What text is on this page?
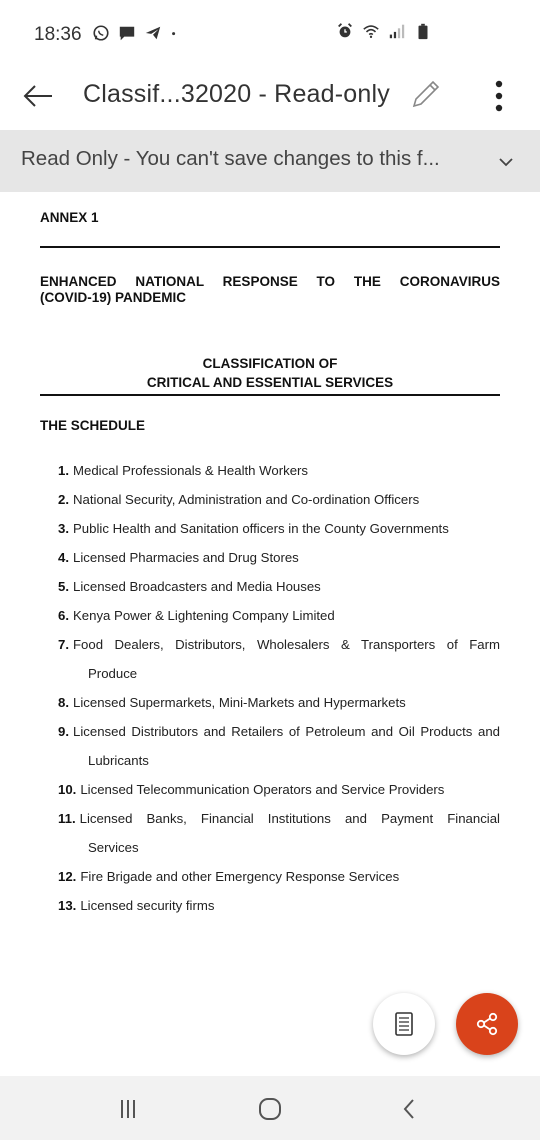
18:36
Classif...32020 - Read-only
Read Only - You can't save changes to this f...
ANNEX 1
ENHANCED NATIONAL RESPONSE TO THE CORONAVIRUS
(COVID-19) PANDEMIC
CLASSIFICATION OF
CRITICAL AND ESSENTIAL SERVICES
THE SCHEDULE
1. Medical Professionals & Health Workers
2. National Security, Administration and Co-ordination Officers
3. Public Health and Sanitation officers in the County Governments
4. Licensed Pharmacies and Drug Stores
5. Licensed Broadcasters and Media Houses
6. Kenya Power & Lightening Company Limited
7. Food Dealers, Distributors, Wholesalers & Transporters of Farm
Produce
8. Licensed Supermarkets, Mini-Markets and Hypermarkets
9. Licensed Distributors and Retailers of Petroleum and Oil Products and
Lubricants
10. Licensed Telecommunication Operators and Service Providers
11. Licensed Banks, Financial Institutions and Payment Financial
Services
12. Fire Brigade and other Emergency Response Services
13. Licensed security firms
